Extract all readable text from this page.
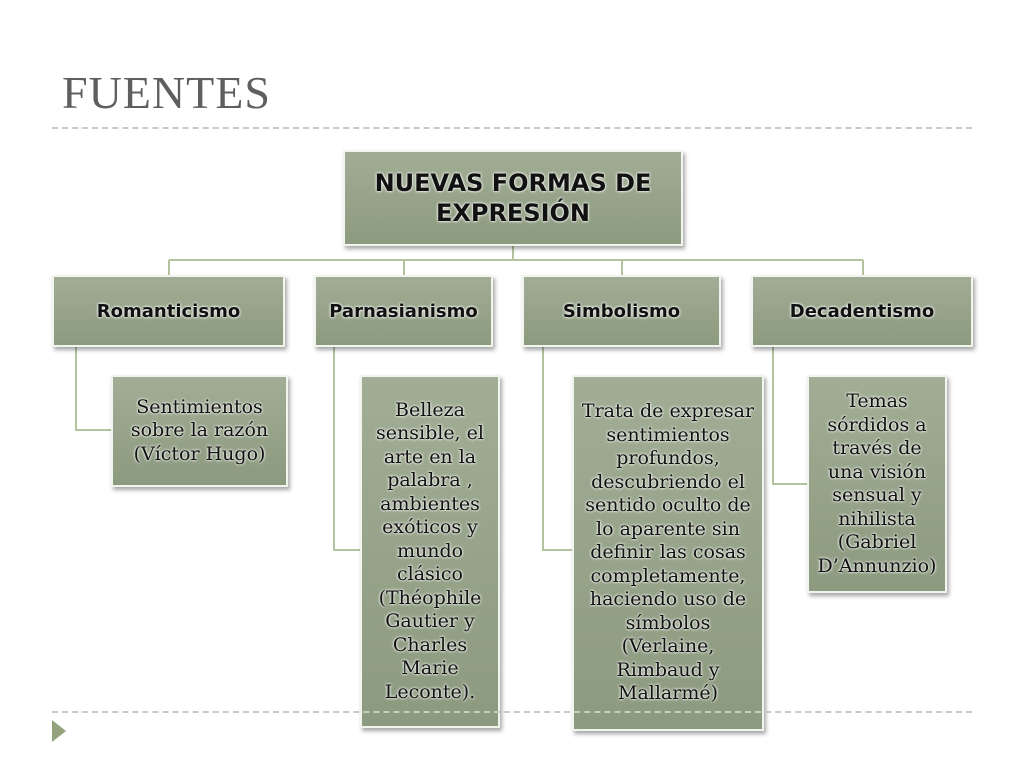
FUENTES
NUEVAS FORMAS DE EXPRESIÓN
Romanticismo	Parnasianismo	Simbolismo	Decadentismo
Sentimientos sobre la razón (Víctor Hugo)
Belleza sensible, el arte en la palabra , ambientes exóticos y mundo clásico (Théophile Gautier y Charles Marie Leconte).
Trata de expresar sentimientos profundos, descubriendo el sentido oculto de lo aparente sin definir las cosas completamente, haciendo uso de símbolos (Verlaine, Rimbaud y Mallarmé)
Temas sórdidos a través de una visión sensual y nihilista (Gabriel D’Annunzio)
